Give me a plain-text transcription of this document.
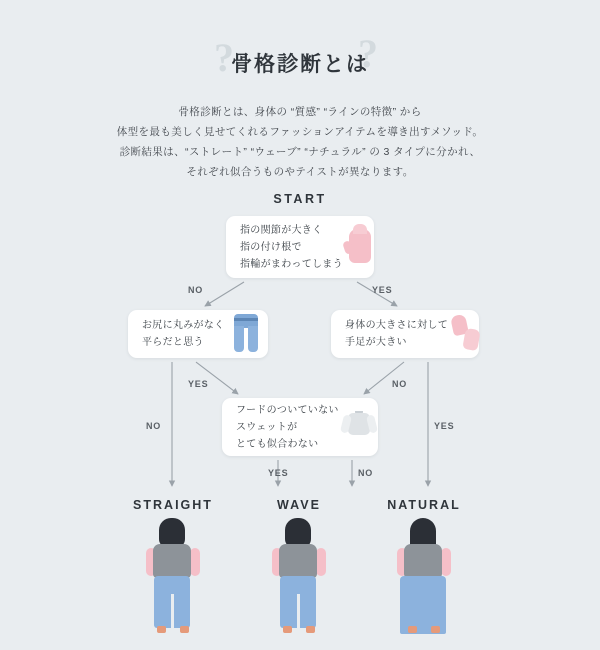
?	?
骨格診断とは
骨格診断とは、身体の “質感” “ラインの特徴” から
体型を最も美しく見せてくれるファッションアイテムを導き出すメソッド。
診断結果は、“ストレート” “ウェーブ” “ナチュラル” の 3 タイプに分かれ、
それぞれ似合うものやテイストが異なります。
START
NO	YES
YES
NO
NO
YES
YES	NO
指の関節が大きく
指の付け根で
指輪がまわってしまう
お尻に丸みがなく
平らだと思う
身体の大きさに対して
手足が大きい
フードのついていない
スウェットが
とても似合わない
STRAIGHT	WAVE	NATURAL
